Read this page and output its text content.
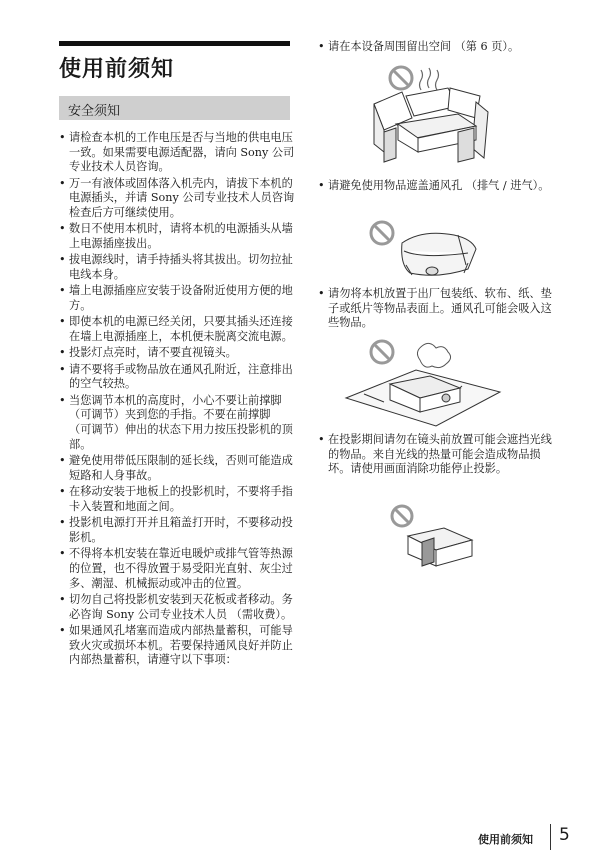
使用前须知
安全须知
• 请检查本机的工作电压是否与当地的供电电压一致。如果需要电源适配器，请向 Sony 公司专业技术人员咨询。
• 万一有液体或固体落入机壳内，请拔下本机的电源插头，并请 Sony 公司专业技术人员咨询检查后方可继续使用。
• 数日不使用本机时，请将本机的电源插头从墙上电源插座拔出。
• 拔电源线时，请手持插头将其拔出。切勿拉扯电线本身。
• 墙上电源插座应安装于设备附近使用方便的地方。
• 即使本机的电源已经关闭，只要其插头还连接在墙上电源插座上，本机便未脱离交流电源。
• 投影灯点亮时，请不要直视镜头。
• 请不要将手或物品放在通风孔附近，注意排出的空气较热。
• 当您调节本机的高度时，小心不要让前撑脚 （可调节）夹到您的手指。不要在前撑脚 （可调节）伸出的状态下用力按压投影机的顶部。
• 避免使用带低压限制的延长线，否则可能造成短路和人身事故。
• 在移动安装于地板上的投影机时，不要将手指卡入装置和地面之间。
• 投影机电源打开并且箱盖打开时，不要移动投影机。
• 不得将本机安装在靠近电暖炉或排气管等热源的位置，也不得放置于易受阳光直射、灰尘过多、潮湿、机械振动或冲击的位置。
• 切勿自己将投影机安装到天花板或者移动。务必咨询 Sony 公司专业技术人员 （需收费）。
• 如果通风孔堵塞而造成内部热量蓄积，可能导致火灾或损坏本机。若要保持通风良好并防止内部热量蓄积，请遵守以下事项：
• 请在本设备周围留出空间 （第 6 页）。
• 请避免使用物品遮盖通风孔 （排气 / 进气）。
• 请勿将本机放置于出厂包装纸、软布、纸、垫子或纸片等物品表面上。通风孔可能会吸入这些物品。
• 在投影期间请勿在镜头前放置可能会遮挡光线的物品。来自光线的热量可能会造成物品损坏。请使用画面消除功能停止投影。
使用前须知 5
